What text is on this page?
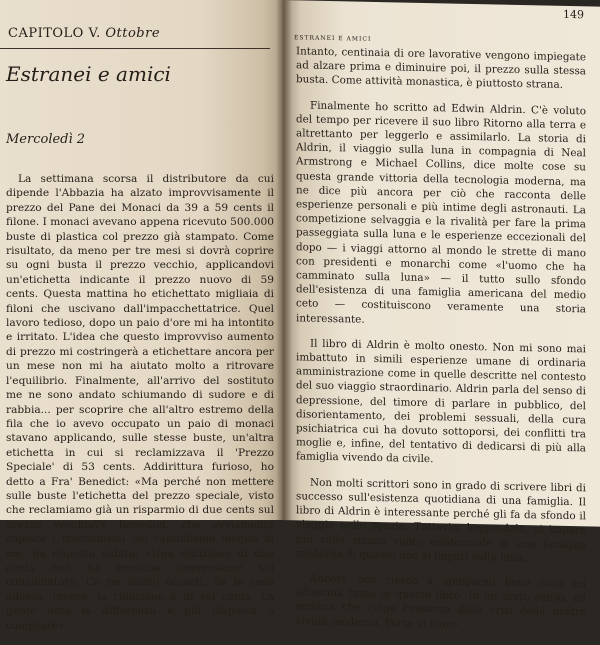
CAPITOLO V. Ottobre
Estranei e amici
Mercoledì 2

La settimana scorsa il distributore da cui dipende l'Abbazia ha alzato improvvisamente il prezzo del Pane dei Monaci da 39 a 59 cents il filone. I monaci avevano appena ricevuto 500.000 buste di plastica col prezzo già stampato. Come risultato, da meno per tre mesi si dovrà coprire su ogni busta il prezzo vecchio, applicandovi un'etichetta indicante il prezzo nuovo di 59 cents. Questa mattina ho etichettato migliaia di filoni che uscivano dall'impacchettatrice. Quel lavoro tedioso, dopo un paio d'ore mi ha intontito e irritato. L'idea che questo improvviso aumento di prezzo mi costringerà a etichettare ancora per un mese non mi ha aiutato molto a ritrovare l'equilibrio. Finalmente, all'arrivo del sostituto me ne sono andato schiumando di sudore e di rabbia... per scoprire che all'altro estremo della fila che io avevo occupato un paio di monaci stavano applicando, sulle stesse buste, un'altra etichetta in cui si reclamizzava il 'Prezzo Speciale' di 53 cents. Addirittura furioso, ho detto a Fra' Benedict: «Ma perché non mettere sulle buste l'etichetta del prezzo speciale, visto che reclamiamo già un risparmio di due cents sul prezzo vecchio?» Benedict, che ovviamente capisce i meccanismi del capitalismo meglio di me, ha risposto subito: «Una riduzione di due cents non ha nessuna impressione sul consumatore. Ce ne siamo accorti. Se le cose adesso, invece, la riduzione è di sei cents. La gente nota la differenza e più disposta a comprare».

149
ESTRANEI E AMICI

Intanto, centinaia di ore lavorative vengono impiegate ad alzare prima e diminuire poi, il prezzo sulla stessa busta. Come attività monastica, è piuttosto strana.

Finalmente ho scritto ad Edwin Aldrin. C'è voluto del tempo per ricevere il suo libro Ritorno alla terra e altrettanto per leggerlo e assimilarlo. La storia di Aldrin, il viaggio sulla luna in compagnia di Neal Armstrong e Michael Collins, dice molte cose su questa grande vittoria della tecnologia moderna, ma ne dice più ancora per ciò che racconta delle esperienze personali e più intime degli astronauti. La competizione selvaggia e la rivalità per fare la prima passeggiata sulla luna e le esperienze eccezionali del dopo — i viaggi attorno al mondo le strette di mano con presidenti e monarchi come «l'uomo che ha camminato sulla luna» — il tutto sullo sfondo dell'esistenza di una famiglia americana del medio ceto — costituiscono veramente una storia interessante.

Il libro di Aldrin è molto onesto. Non mi sono mai imbattuto in simili esperienze umane di ordinaria amministrazione come in quelle descritte nel contesto del suo viaggio straordinario. Aldrin parla del senso di depressione, del timore di parlare in pubblico, del disorientamento, dei problemi sessuali, della cura psichiatrica cui ha dovuto sottoporsi, dei conflitti tra moglie e, infine, del tentativo di dedicarsi di più alla famiglia vivendo da civile.

Non molti scrittori sono in grado di scrivere libri di successo sull'esistenza quotidiana di una famiglia. Il libro di Aldrin è interessante perché gli fa da sfondo il viaggio nello spazio. Tuttavia, leggendolo, si impara più sullo strano vuoto esistenziale di una famiglia moderna di quanto non si impari sulla luna.

Ancora non riesco a spiegarmi bene cosa mi affascina tanto in questo libro. In un certo senso, mi sembra che colga l'essenza della crisi della nostra civiltà moderna. Forse vi trovo
